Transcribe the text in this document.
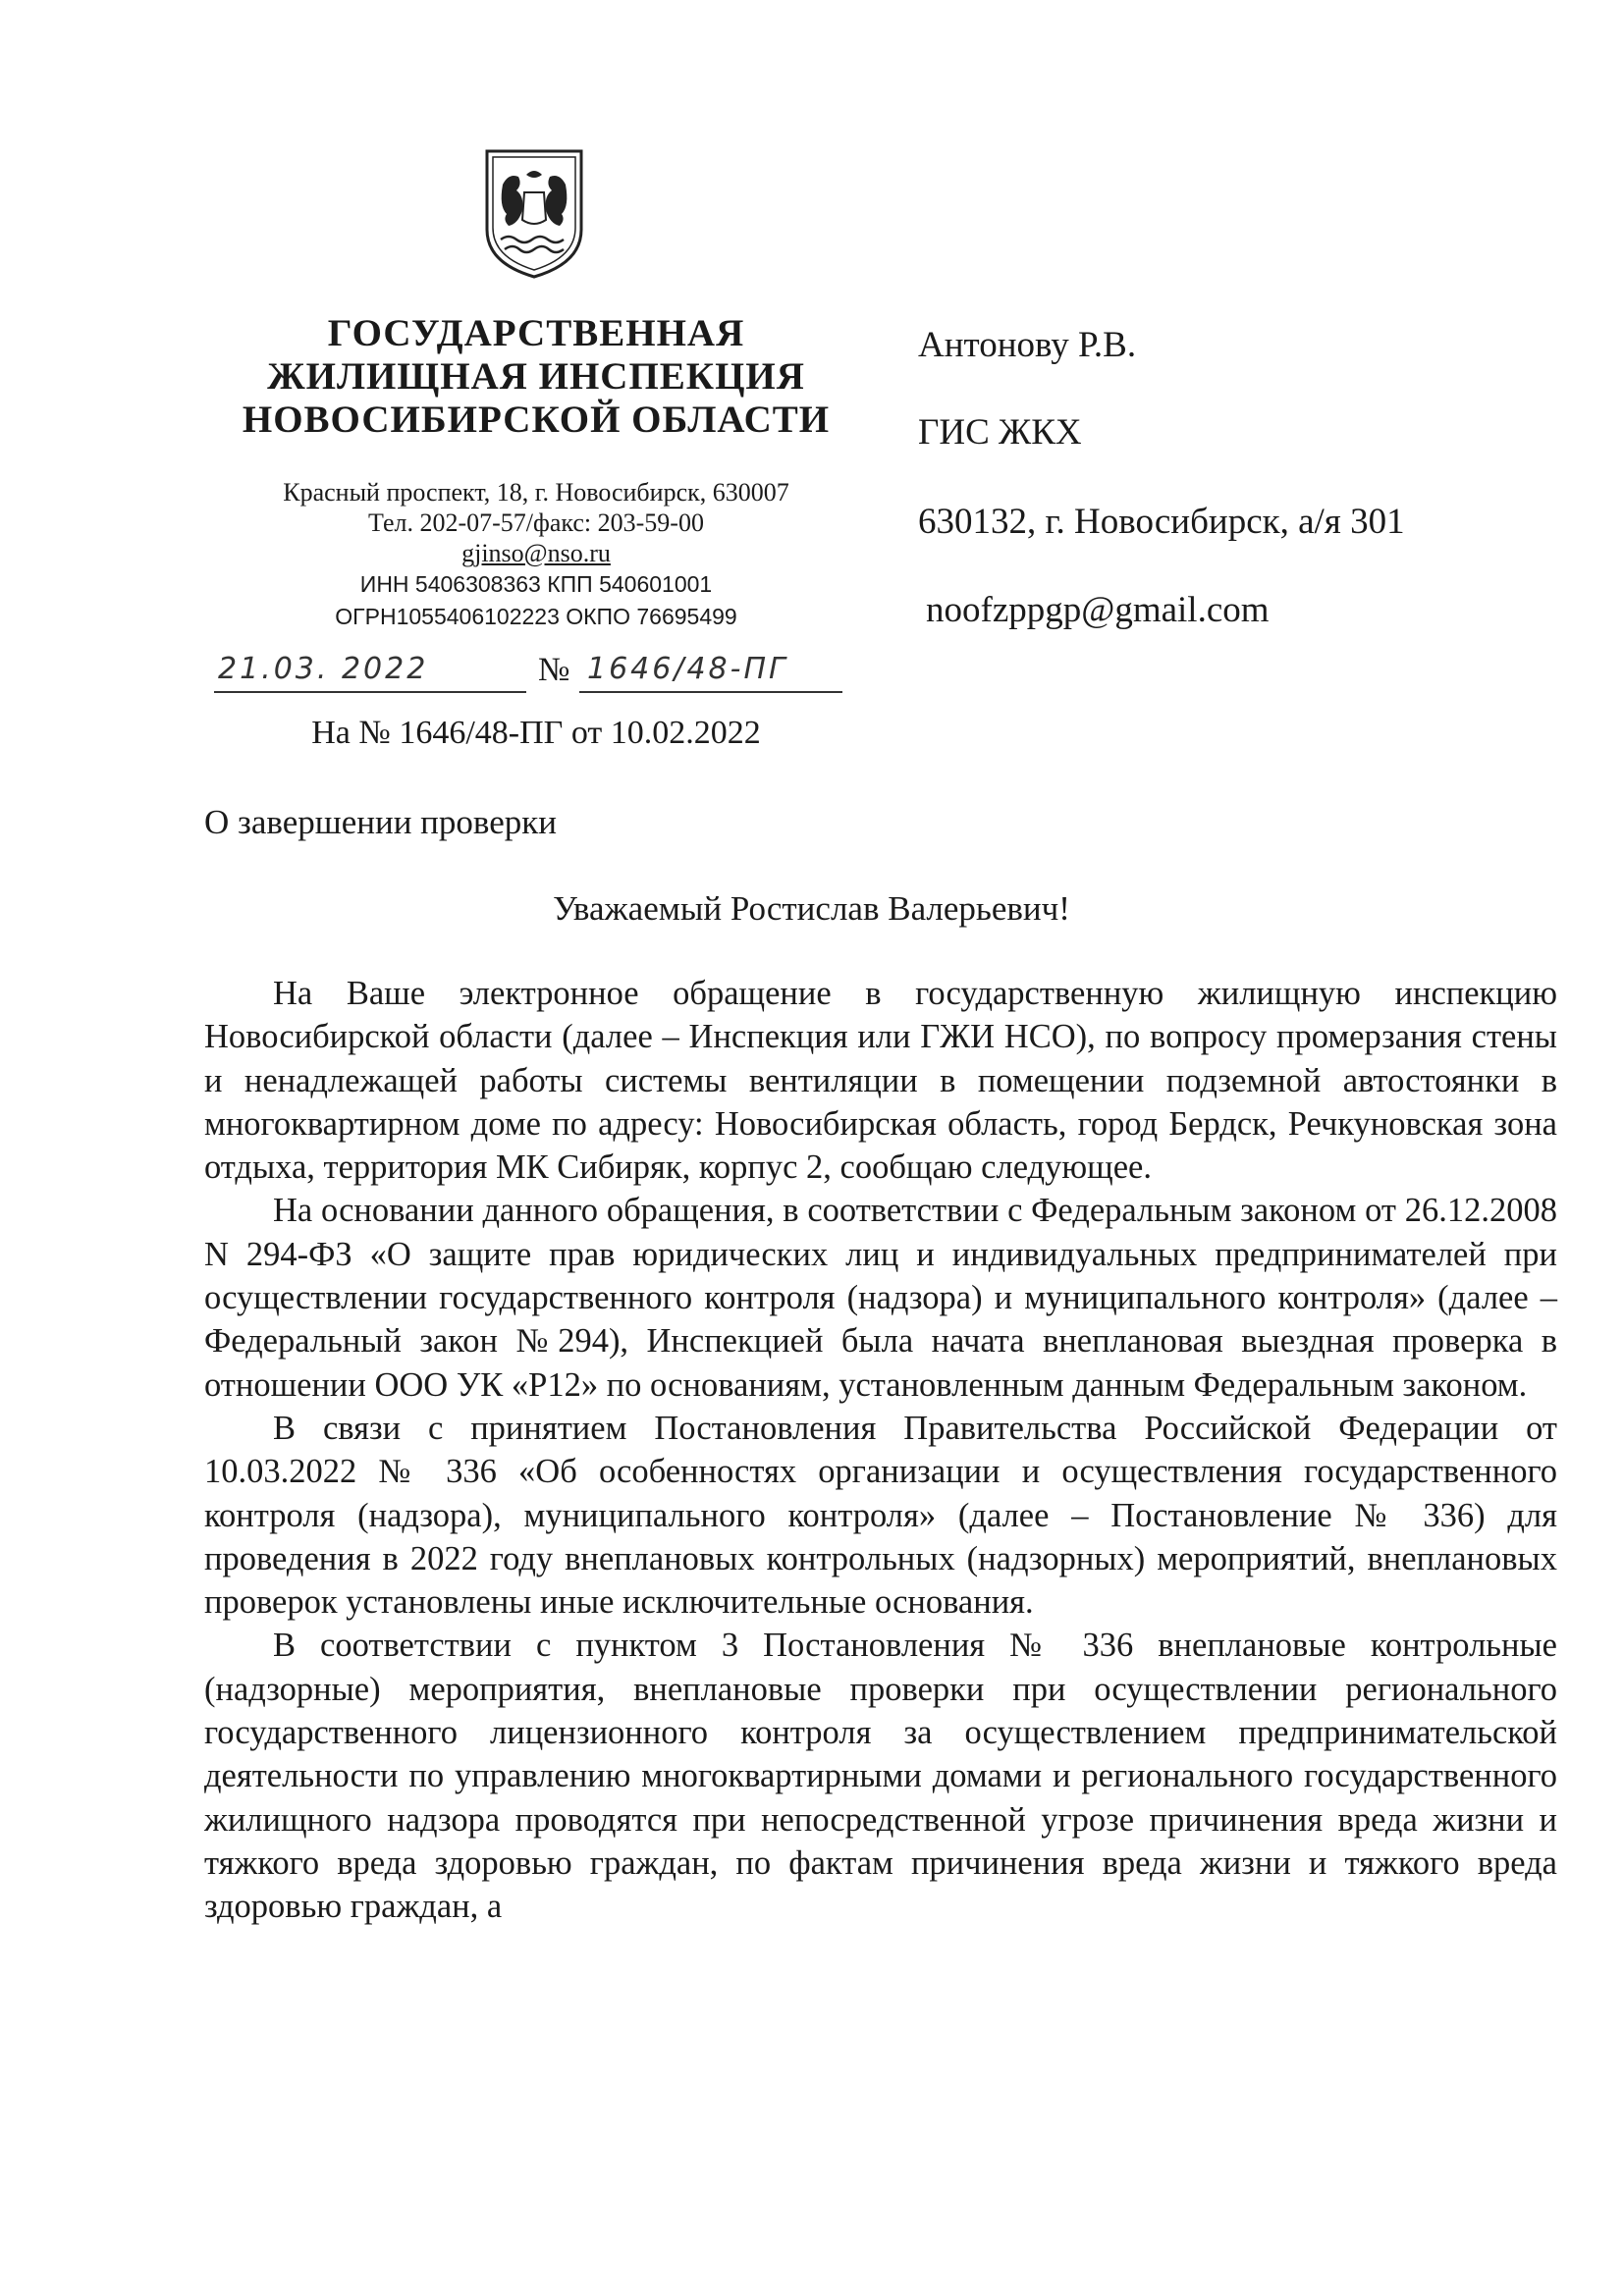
ГОСУДАРСТВЕННАЯ
ЖИЛИЩНАЯ ИНСПЕКЦИЯ
НОВОСИБИРСКОЙ ОБЛАСТИ
Красный проспект, 18, г. Новосибирск, 630007
Тел. 202-07-57/факс: 203-59-00
gjinso@nso.ru
ИНН 5406308363 КПП 540601001
ОГРН1055406102223 ОКПО 76695499
21.03. 2022	№ 1646/48-ПГ
На № 1646/48-ПГ от 10.02.2022
Антонову Р.В.
ГИС ЖКХ
630132, г. Новосибирск, а/я 301
noofzppgp@gmail.com
О завершении проверки
Уважаемый Ростислав Валерьевич!

На Ваше электронное обращение в государственную жилищную инспекцию Новосибирской области (далее – Инспекция или ГЖИ НСО), по вопросу промерзания стены и ненадлежащей работы системы вентиляции в помещении подземной автостоянки в многоквартирном доме по адресу: Новосибирская область, город Бердск, Речкуновская зона отдыха, территория МК Сибиряк, корпус 2, сообщаю следующее.

На основании данного обращения, в соответствии с Федеральным законом от 26.12.2008 N 294-ФЗ «О защите прав юридических лиц и индивидуальных предпринимателей при осуществлении государственного контроля (надзора) и муниципального контроля» (далее – Федеральный закон №294), Инспекцией была начата внеплановая выездная проверка в отношении ООО УК «Р12» по основаниям, установленным данным Федеральным законом.

В связи с принятием Постановления Правительства Российской Федерации от 10.03.2022 № 336 «Об особенностях организации и осуществления государственного контроля (надзора), муниципального контроля» (далее – Постановление № 336) для проведения в 2022 году внеплановых контрольных (надзорных) мероприятий, внеплановых проверок установлены иные исключительные основания.

В соответствии с пунктом 3 Постановления № 336 внеплановые контрольные (надзорные) мероприятия, внеплановые проверки при осуществлении регионального государственного лицензионного контроля за осуществлением предпринимательской деятельности по управлению многоквартирными домами и регионального государственного жилищного надзора проводятся при непосредственной угрозе причинения вреда жизни и тяжкого вреда здоровью граждан, по фактам причинения вреда жизни и тяжкого вреда здоровью граждан, а
